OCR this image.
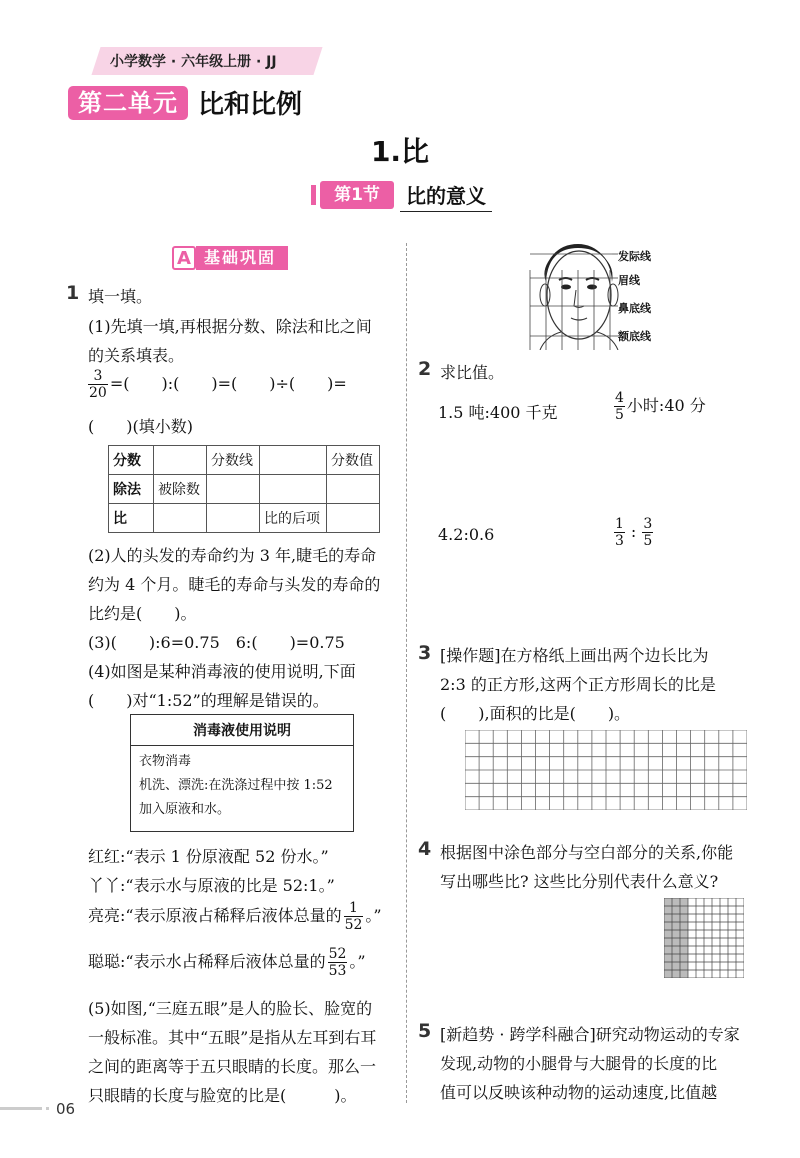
小学数学 · 六年级上册 · JJ
第二单元 比和比例
1.比
第1节	比的意义
A 基础巩固
1 填一填。
(1)先填一填,再根据分数、除法和比之间
的关系填表。
$\frac{3}{20}$ =(　　):(　　)=(　　)÷(　　)=
(　　)(填小数)
分数		分数线		分数值
除法	被除数			
比			比的后项	
(2)人的头发的寿命约为 3 年,睫毛的寿命
约为 4 个月。睫毛的寿命与头发的寿命的
比约是(　　)。
(3)(　　):6=0.75　6:(　　)=0.75
(4)如图是某种消毒液的使用说明,下面
(　　)对“1:52”的理解是错误的。
消毒液使用说明
衣物消毒
机洗、漂洗:在洗涤过程中按 1:52
加入原液和水。
红红:“表示 1 份原液配 52 份水。”
丫丫:“表示水与原液的比是 52:1。”
亮亮:“表示原液占稀释后液体总量的 $\frac{1}{52}$ 。”
聪聪:“表示水占稀释后液体总量的 $\frac{52}{53}$ 。”
(5)如图,“三庭五眼”是人的脸长、脸宽的
一般标准。其中“五眼”是指从左耳到右耳
之间的距离等于五只眼睛的长度。那么一
只眼睛的长度与脸宽的比是(　　　)。
发际线
眉线
鼻底线
额底线
2 求比值。
1.5 吨:400 千克	$\frac{4}{5}$ 小时:40 分
4.2:0.6	$\frac{1}{3}$ : $\frac{3}{5}$
3 [操作题]在方格纸上画出两个边长比为
2:3 的正方形,这两个正方形周长的比是
(　　),面积的比是(　　)。
4 根据图中涂色部分与空白部分的关系,你能
写出哪些比? 这些比分别代表什么意义?
5 [新趋势 · 跨学科融合]研究动物运动的专家
发现,动物的小腿骨与大腿骨的长度的比
值可以反映该种动物的运动速度,比值越
06
